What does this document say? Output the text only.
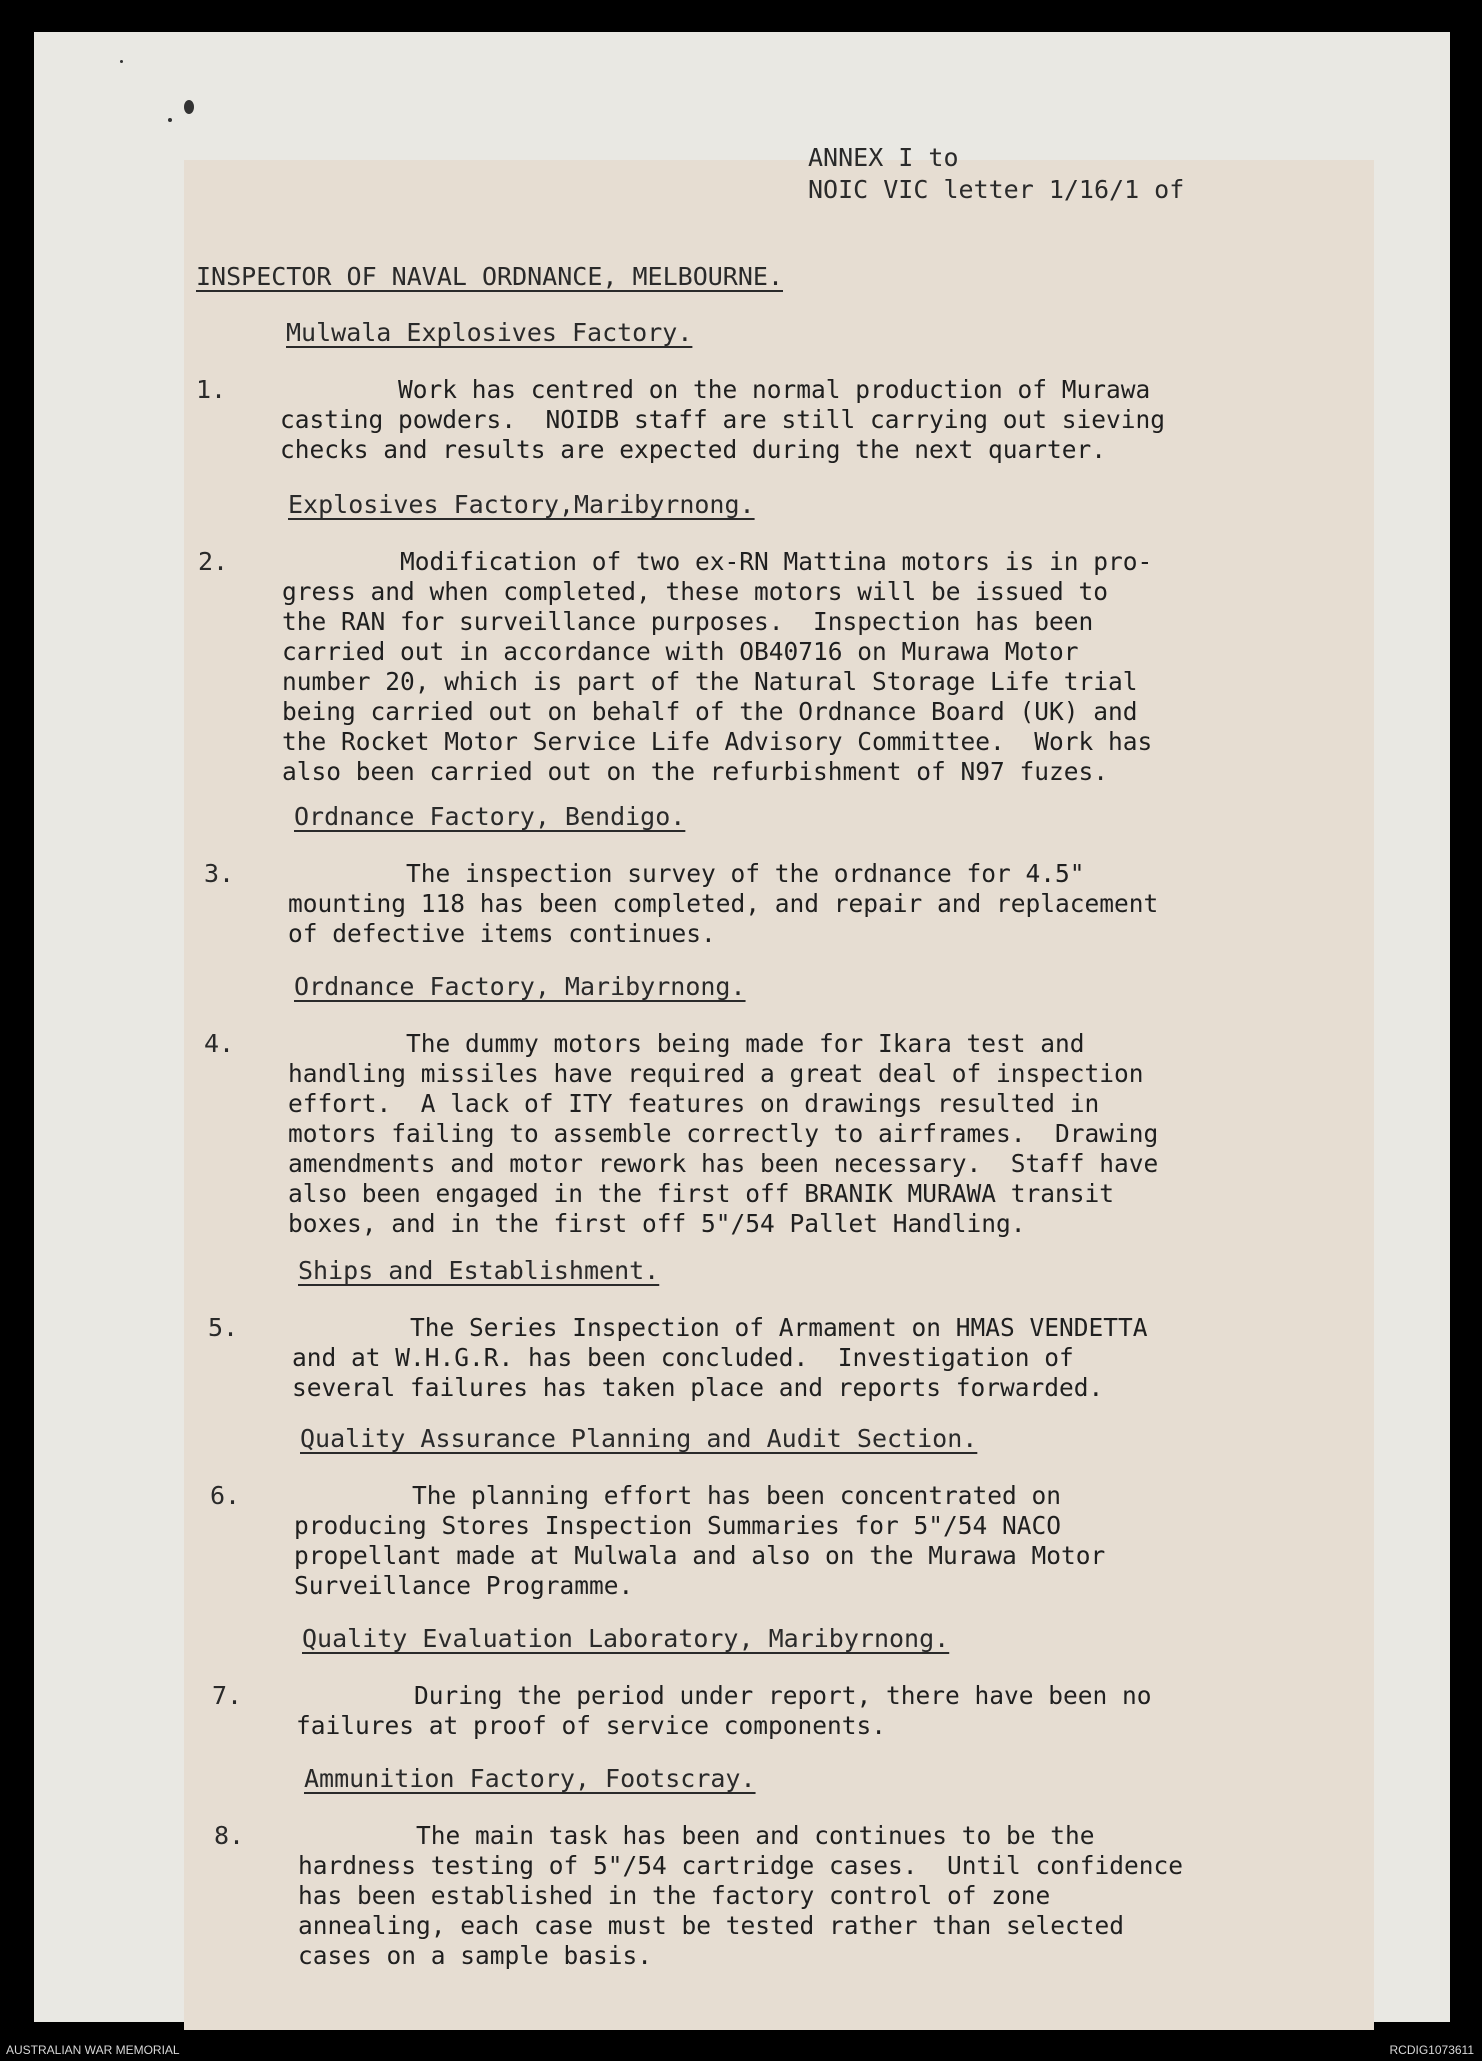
ANNEX I to
NOIC VIC letter 1/16/1 of
INSPECTOR OF NAVAL ORDNANCE, MELBOURNE.
Mulwala Explosives Factory.
1.	Work has centred on the normal production of Murawa
casting powders.  NOIDB staff are still carrying out sieving
checks and results are expected during the next quarter.
Explosives Factory,Maribyrnong.
2.	Modification of two ex-RN Mattina motors is in pro-
gress and when completed, these motors will be issued to
the RAN for surveillance purposes.  Inspection has been
carried out in accordance with OB40716 on Murawa Motor
number 20, which is part of the Natural Storage Life trial
being carried out on behalf of the Ordnance Board (UK) and
the Rocket Motor Service Life Advisory Committee.  Work has
also been carried out on the refurbishment of N97 fuzes.
Ordnance Factory, Bendigo.
3.	The inspection survey of the ordnance for 4.5"
mounting 118 has been completed, and repair and replacement
of defective items continues.
Ordnance Factory, Maribyrnong.
4.	The dummy motors being made for Ikara test and
handling missiles have required a great deal of inspection
effort.  A lack of ITY features on drawings resulted in
motors failing to assemble correctly to airframes.  Drawing
amendments and motor rework has been necessary.  Staff have
also been engaged in the first off BRANIK MURAWA transit
boxes, and in the first off 5"/54 Pallet Handling.
Ships and Establishment.
5.	The Series Inspection of Armament on HMAS VENDETTA
and at W.H.G.R. has been concluded.  Investigation of
several failures has taken place and reports forwarded.
Quality Assurance Planning and Audit Section.
6.	The planning effort has been concentrated on
producing Stores Inspection Summaries for 5"/54 NACO
propellant made at Mulwala and also on the Murawa Motor
Surveillance Programme.
Quality Evaluation Laboratory, Maribyrnong.
7.	During the period under report, there have been no
failures at proof of service components.
Ammunition Factory, Footscray.
8.	The main task has been and continues to be the
hardness testing of 5"/54 cartridge cases.  Until confidence
has been established in the factory control of zone
annealing, each case must be tested rather than selected
cases on a sample basis.
AUSTRALIAN WAR MEMORIAL	RCDIG1073611
